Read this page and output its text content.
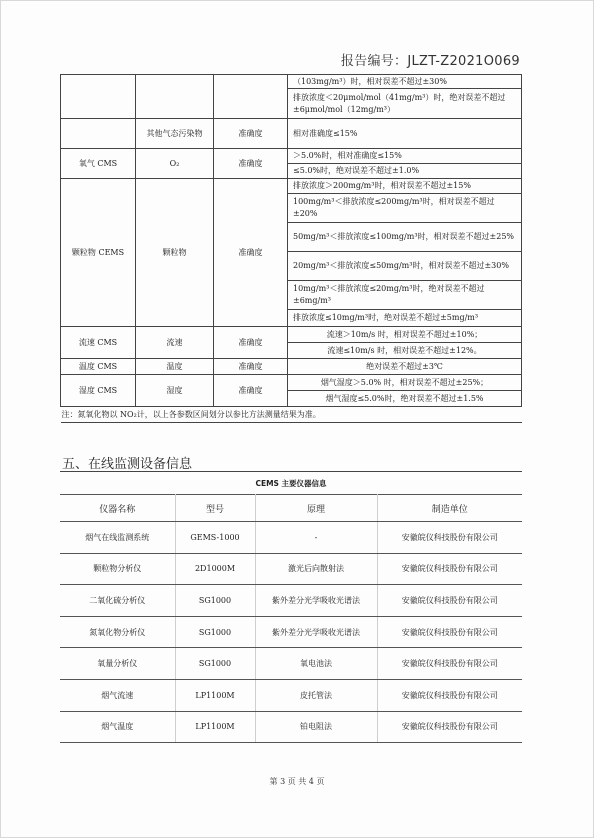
报告编号：JLZT-Z2021O069
			（103mg/m³）时，相对误差不超过±30%
			排放浓度＜20μmol/mol（41mg/m³）时，绝对误差不超过±6μmol/mol（12mg/m³）
	其他气态污染物	准确度	相对准确度≤15%
氧气 CMS	O₂	准确度	＞5.0%时，相对准确度≤15%
			≤5.0%时，绝对误差不超过±1.0%
颗粒物 CEMS	颗粒物	准确度	排放浓度＞200mg/m³时，相对误差不超过±15%
			100mg/m³＜排放浓度≤200mg/m³时，相对误差不超过±20%
			50mg/m³＜排放浓度≤100mg/m³时，相对误差不超过±25%
			20mg/m³＜排放浓度≤50mg/m³时，相对误差不超过±30%
			10mg/m³＜排放浓度≤20mg/m³时，绝对误差不超过±6mg/m³
			排放浓度≤10mg/m³时，绝对误差不超过±5mg/m³
流速 CMS	流速	准确度	流速＞10m/s 时，相对误差不超过±10%；
			流速≤10m/s 时，相对误差不超过±12%。
温度 CMS	温度	准确度	绝对误差不超过±3℃
湿度 CMS	湿度	准确度	烟气湿度＞5.0% 时，相对误差不超过±25%；
			烟气湿度≤5.0%时，绝对误差不超过±1.5%
注：氮氧化物以 NO₂计，以上各参数区间划分以参比方法测量结果为准。			
五、在线监测设备信息
CEMS 主要仪器信息
仪器名称	型号	原理	制造单位
烟气在线监测系统	GEMS-1000	-	安徽皖仪科技股份有限公司
颗粒物分析仪	2D1000M	激光后向散射法	安徽皖仪科技股份有限公司
二氧化硫分析仪	SG1000	紫外差分光学吸收光谱法	安徽皖仪科技股份有限公司
氮氧化物分析仪	SG1000	紫外差分光学吸收光谱法	安徽皖仪科技股份有限公司
氧量分析仪	SG1000	氧电池法	安徽皖仪科技股份有限公司
烟气流速	LP1100M	皮托管法	安徽皖仪科技股份有限公司
烟气温度	LP1100M	铂电阻法	安徽皖仪科技股份有限公司
第 3 页 共 4 页
